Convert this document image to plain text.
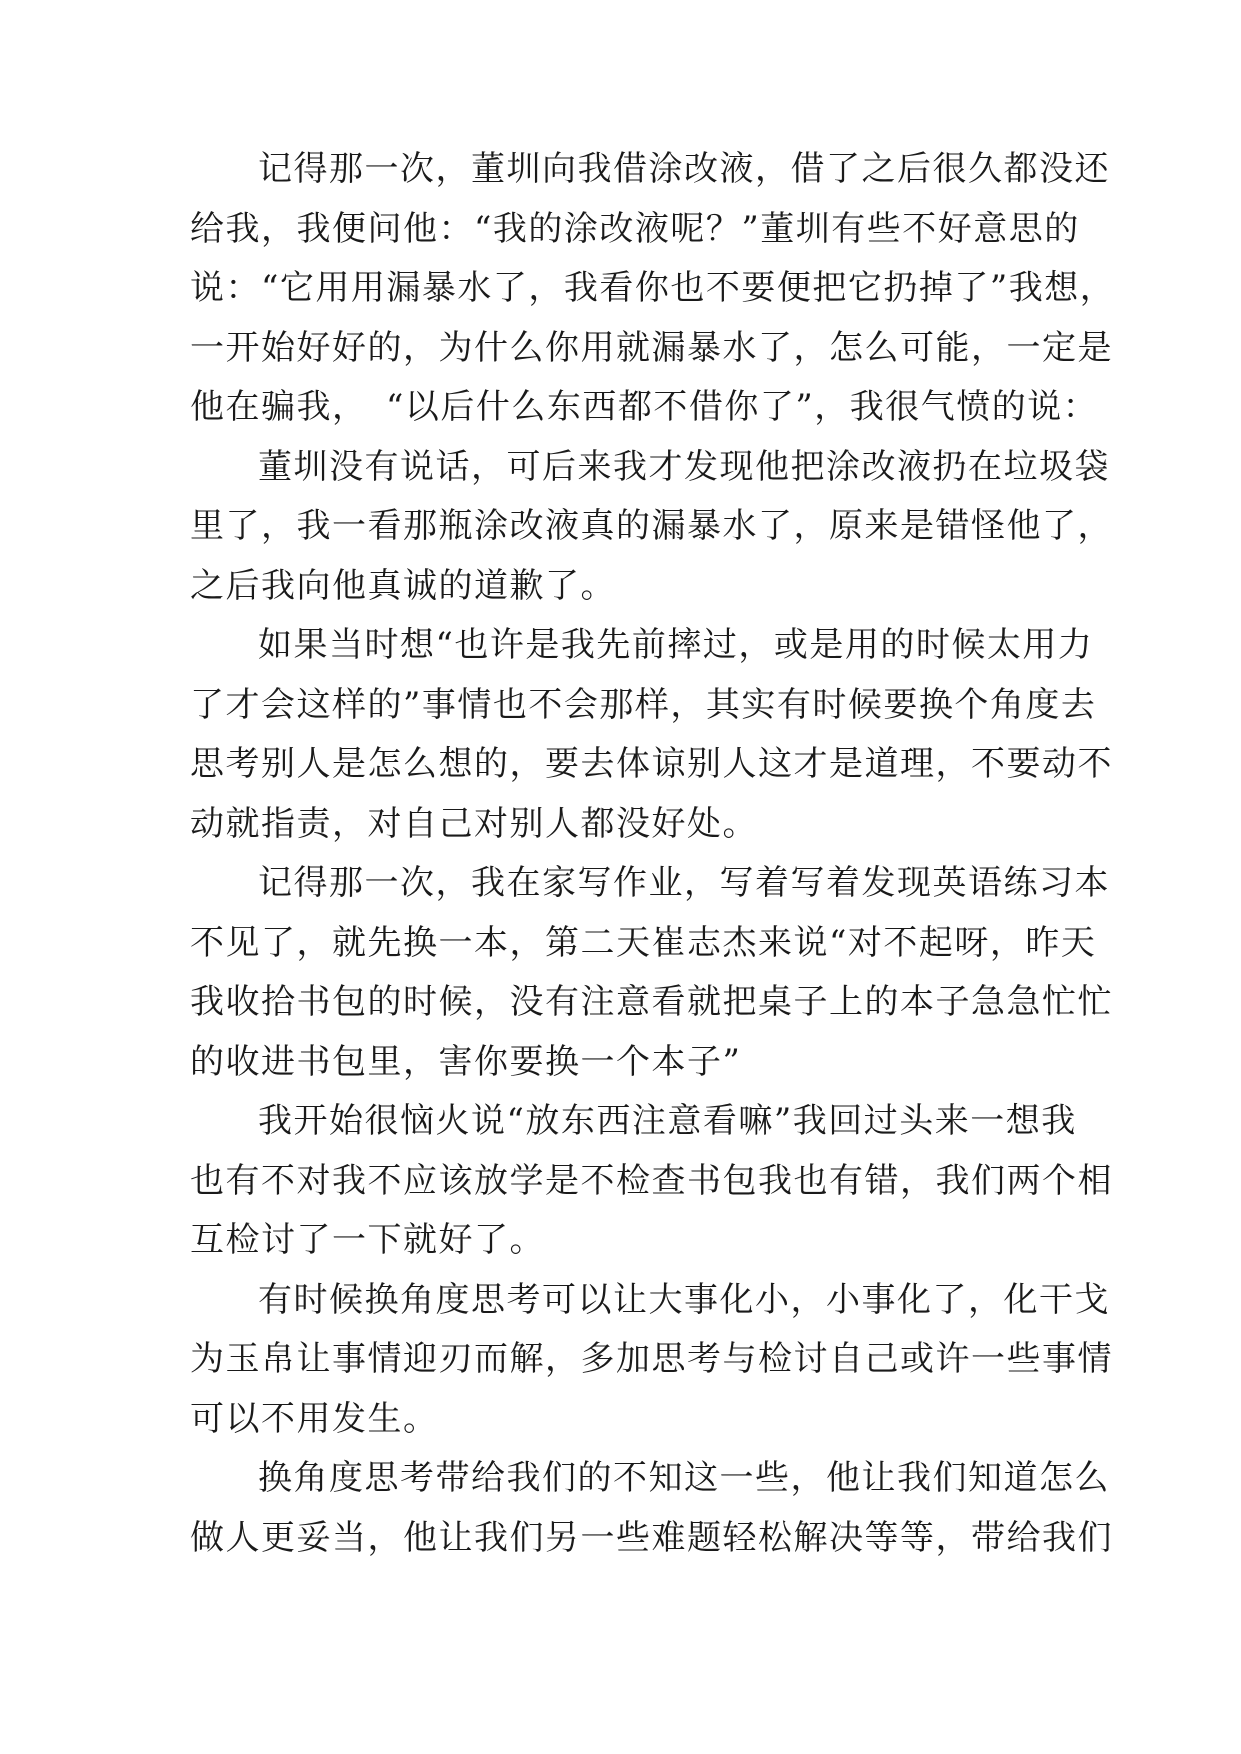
记得那一次，董圳向我借涂改液，借了之后很久都没还
给我，我便问他：“我的涂改液呢？”董圳有些不好意思的
说：“它用用漏暴水了，我看你也不要便把它扔掉了”我想，
一开始好好的，为什么你用就漏暴水了，怎么可能，一定是
他在骗我，　“以后什么东西都不借你了”，我很气愤的说：
董圳没有说话，可后来我才发现他把涂改液扔在垃圾袋
里了，我一看那瓶涂改液真的漏暴水了，原来是错怪他了，
之后我向他真诚的道歉了。
如果当时想“也许是我先前摔过，或是用的时候太用力
了才会这样的”事情也不会那样，其实有时候要换个角度去
思考别人是怎么想的，要去体谅别人这才是道理，不要动不
动就指责，对自己对别人都没好处。
记得那一次，我在家写作业，写着写着发现英语练习本
不见了，就先换一本，第二天崔志杰来说“对不起呀，昨天
我收拾书包的时候，没有注意看就把桌子上的本子急急忙忙
的收进书包里，害你要换一个本子”
我开始很恼火说“放东西注意看嘛”我回过头来一想我
也有不对我不应该放学是不检查书包我也有错，我们两个相
互检讨了一下就好了。
有时候换角度思考可以让大事化小，小事化了，化干戈
为玉帛让事情迎刃而解，多加思考与检讨自己或许一些事情
可以不用发生。
换角度思考带给我们的不知这一些，他让我们知道怎么
做人更妥当，他让我们另一些难题轻松解决等等，带给我们
